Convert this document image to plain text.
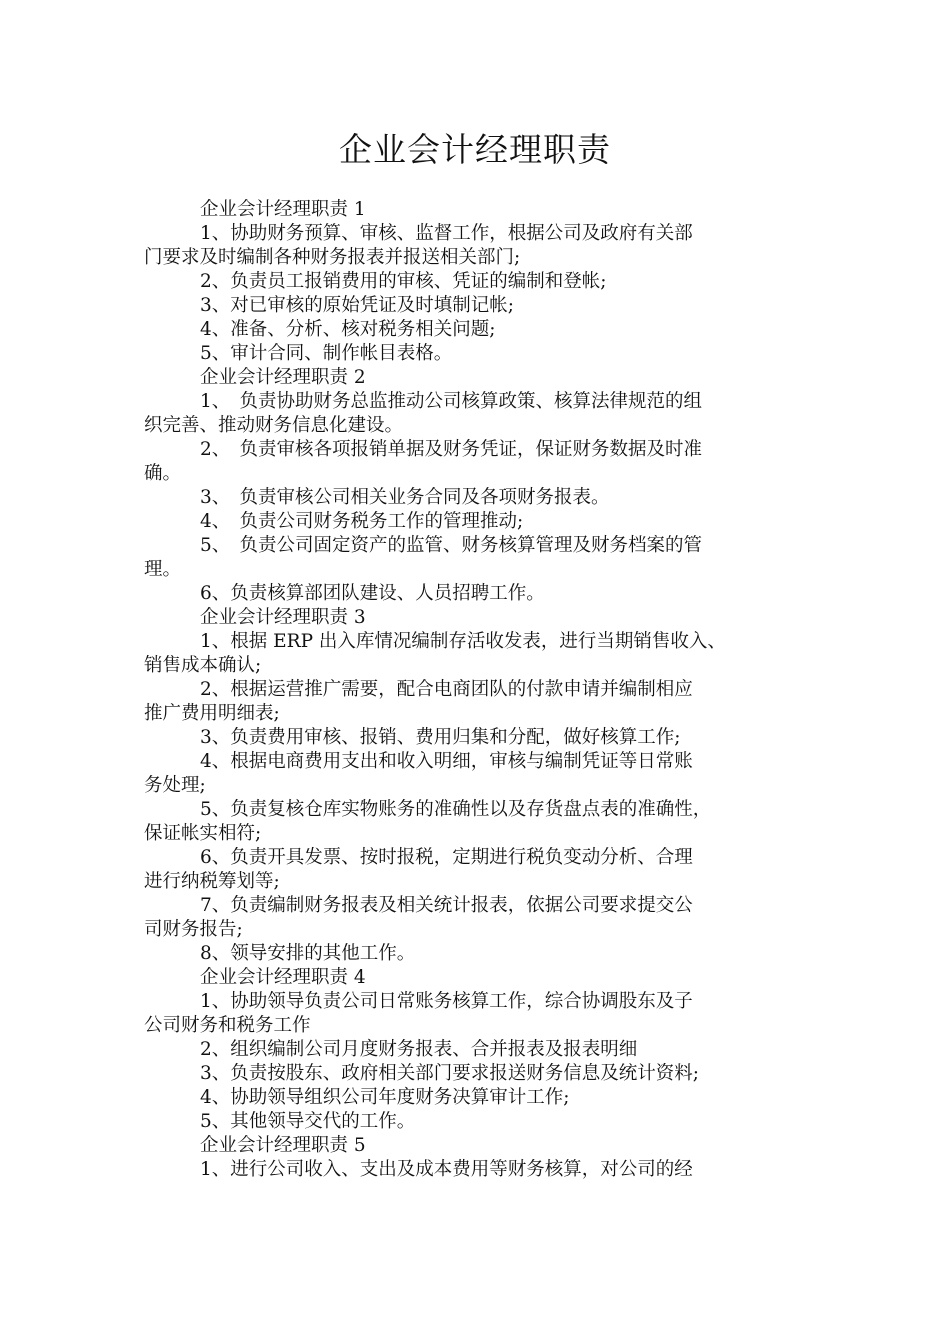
企业会计经理职责

企业会计经理职责 1

1、协助财务预算、审核、监督工作，根据公司及政府有关部

门要求及时编制各种财务报表并报送相关部门;

2、负责员工报销费用的审核、凭证的编制和登帐;

3、对已审核的原始凭证及时填制记帐;

4、准备、分析、核对税务相关问题;

5、审计合同、制作帐目表格。

企业会计经理职责 2

1、　负责协助财务总监推动公司核算政策、核算法律规范的组

织完善、推动财务信息化建设。

2、　负责审核各项报销单据及财务凭证，保证财务数据及时准

确。

3、　负责审核公司相关业务合同及各项财务报表。

4、　负责公司财务税务工作的管理推动;

5、　负责公司固定资产的监管、财务核算管理及财务档案的管

理。

6、负责核算部团队建设、人员招聘工作。

企业会计经理职责 3

1、根据 ERP 出入库情况编制存活收发表，进行当期销售收入、

销售成本确认;

2、根据运营推广需要，配合电商团队的付款申请并编制相应

推广费用明细表;

3、负责费用审核、报销、费用归集和分配，做好核算工作;

4、根据电商费用支出和收入明细，审核与编制凭证等日常账

务处理;

5、负责复核仓库实物账务的准确性以及存货盘点表的准确性，

保证帐实相符;

6、负责开具发票、按时报税，定期进行税负变动分析、合理

进行纳税筹划等;

7、负责编制财务报表及相关统计报表，依据公司要求提交公

司财务报告;

8、领导安排的其他工作。

企业会计经理职责 4

1、协助领导负责公司日常账务核算工作，综合协调股东及子

公司财务和税务工作

2、组织编制公司月度财务报表、合并报表及报表明细

3、负责按股东、政府相关部门要求报送财务信息及统计资料;

4、协助领导组织公司年度财务决算审计工作;

5、其他领导交代的工作。

企业会计经理职责 5

1、进行公司收入、支出及成本费用等财务核算，对公司的经
